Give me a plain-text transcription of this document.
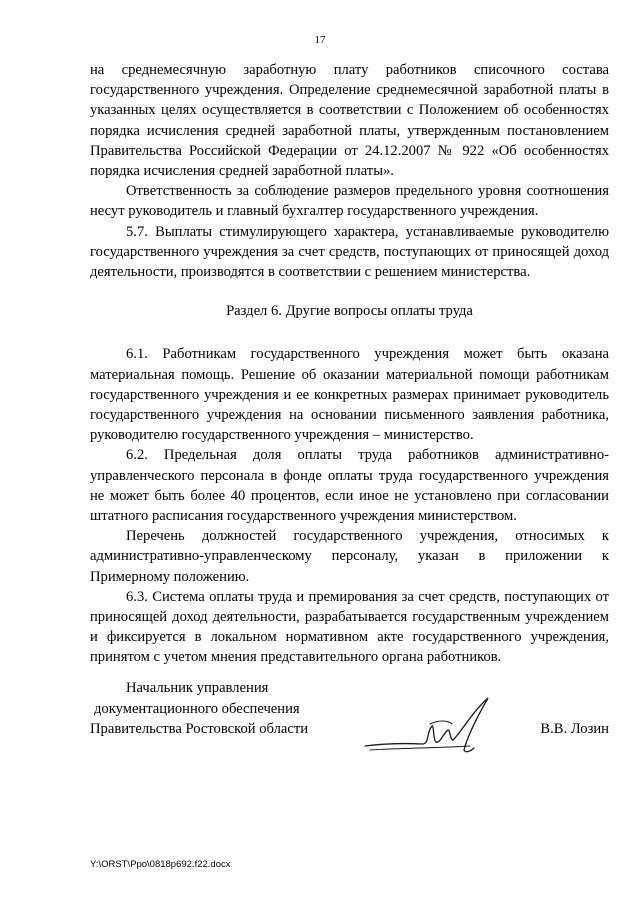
17

на среднемесячную заработную плату работников списочного состава государственного учреждения. Определение среднемесячной заработной платы в указанных целях осуществляется в соответствии с Положением об особенностях порядка исчисления средней заработной платы, утвержденным постановлением Правительства Российской Федерации от 24.12.2007 № 922 «Об особенностях порядка исчисления средней заработной платы».

Ответственность за соблюдение размеров предельного уровня соотношения несут руководитель и главный бухгалтер государственного учреждения.

5.7. Выплаты стимулирующего характера, устанавливаемые руководителю государственного учреждения за счет средств, поступающих от приносящей доход деятельности, производятся в соответствии с решением министерства.

Раздел 6. Другие вопросы оплаты труда

6.1. Работникам государственного учреждения может быть оказана материальная помощь. Решение об оказании материальной помощи работникам государственного учреждения и ее конкретных размерах принимает руководитель государственного учреждения на основании письменного заявления работника, руководителю государственного учреждения – министерство.

6.2. Предельная доля оплаты труда работников административно-управленческого персонала в фонде оплаты труда государственного учреждения не может быть более 40 процентов, если иное не установлено при согласовании штатного расписания государственного учреждения министерством.

Перечень должностей государственного учреждения, относимых к административно-управленческому персоналу, указан в приложении к Примерному положению.

6.3. Система оплаты труда и премирования за счет средств, поступающих от приносящей доход деятельности, разрабатывается государственным учреждением и фиксируется в локальном нормативном акте государственного учреждения, принятом с учетом мнения представительного органа работников.

Начальник управления
документационного обеспечения
Правительства Ростовской области	В.В. Лозин
Y:\ORST\Ppo\0818p692.f22.docx
